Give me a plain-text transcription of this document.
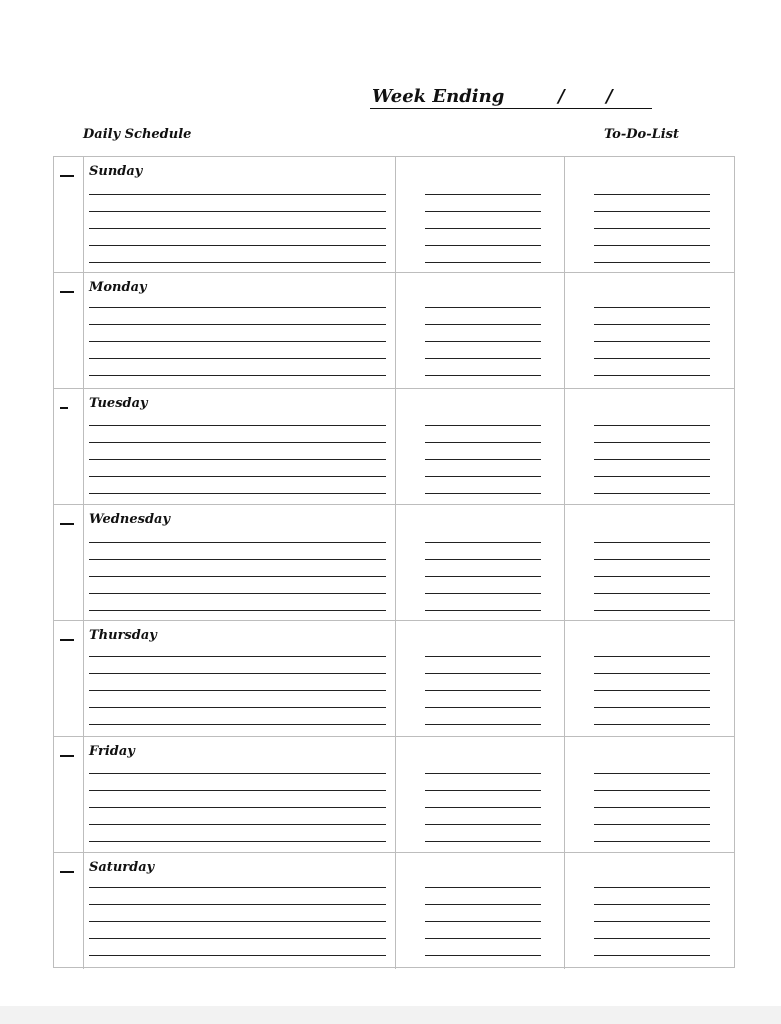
Week Ending	/ /
Daily Schedule	To-Do-List
Sunday
Monday
Tuesday
Wednesday
Thursday
Friday
Saturday
